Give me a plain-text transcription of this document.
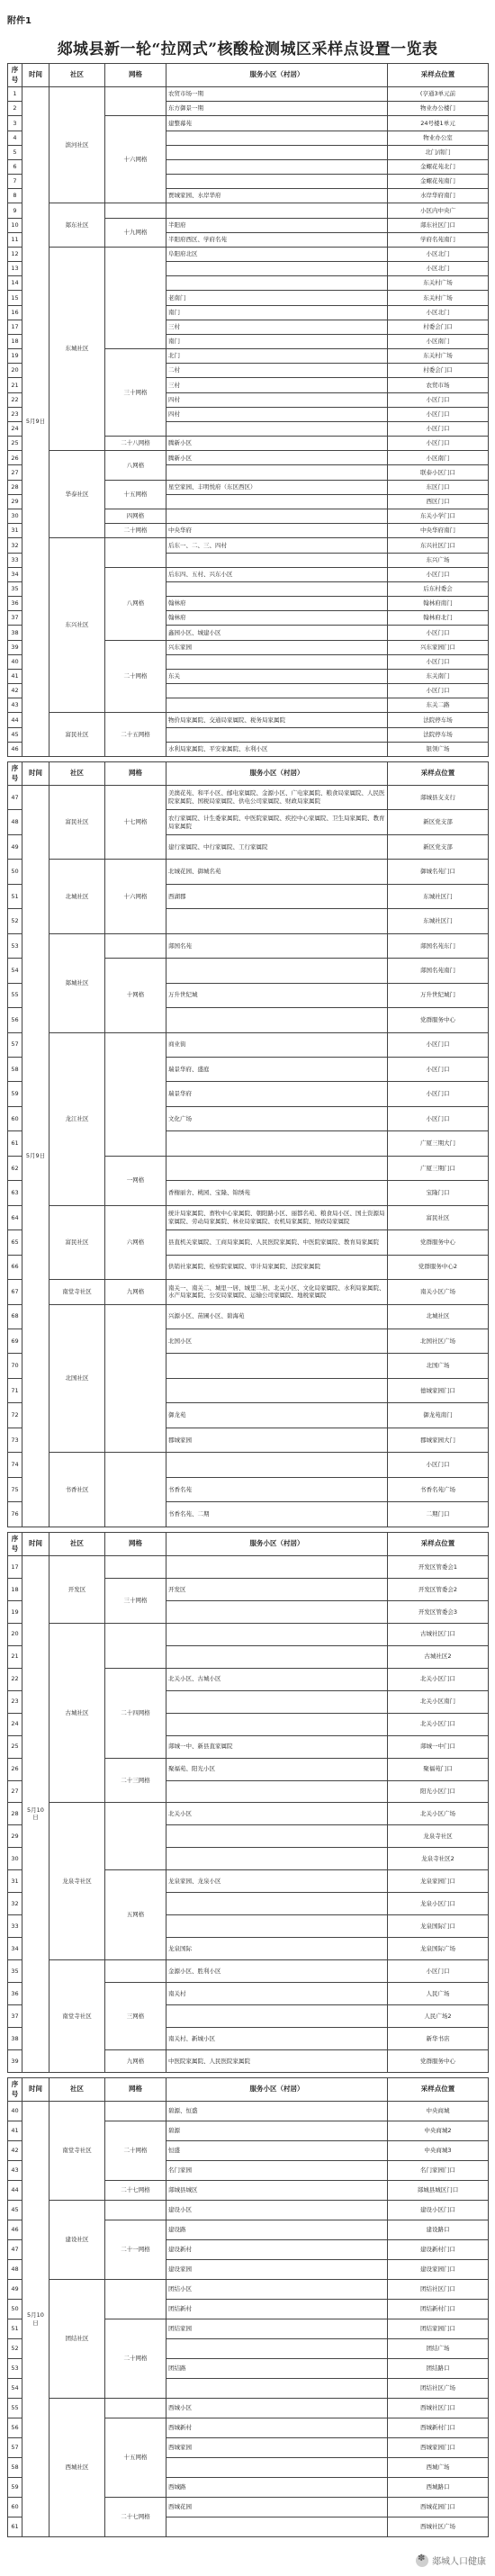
附件1
郯城县新一轮“拉网式”核酸检测城区采样点设置一览表
序号	时间	社区	网格	服务小区（村居）	采样点位置
1	5月9日	滨河社区		农贸市场一期	(亨通3单元前
2				东方御景一期	物业办公楼门
3			十六网格	建整幕苑	24号楼1单元
4					物业办公室
5					北门/南门
6					金螺花苑北门
7					金螺花苑南门
8				贾城家园、水岸华府	水岸华府南门
9		郯东社区			小区内中央广
10			十九网格	半阳府	郯东社区门口
11				半阳府西区、学府名苑	学府名苑南门
12		东城社区		阜阳府北区	小区北门
13					小区北门
14					东关村广场
15				老南门	东关村广场
16				南门	小区北门
17				三村	村委会门口
18				南门	小区南门
19			三十网格	北门	东关村广场
20				二村	村委会门口
21				三村	农贸市场
22				四村	小区门口
23				四村	小区门口
24					小区门口
25			二十八网格	腾新小区	小区门口
26		华泰社区	八网格	腾新小区	小区南门
27					联泰小区门口
28			十五网格	星空家园、丰明悦府（东区西区）	东区门口
29					西区门口
30			四网格		东关小学门口
31			二十网格	中央华府	中央华府南门
32		东兴社区		后东一、二、三、四村	东兴社区门口
33					东兴广场
34			八网格	后东四、五村、兴东小区	小区门口
35					后东村委会
36				翰林府	翰林府南门
37				翰林府	翰林府北门
38				鑫园小区、城建小区	小区门口
39			二十网格	兴东家园	兴东家园门口
40					小区门口
41				东关	东关南门
42					小区门口
43					东关二路
44		富民社区	二十五网格	物价局家属院、交通局家属院、税务局家属院	法院停车场
45					法院停车场
46				水利局家属院、平安家属院、水利小区	银领广场
序号	时间	社区	网格	服务小区（村居）	采样点位置
47	5月9日	富民社区	十七网格	美澳花苑、和平小区、邮电家属院、金源小区、广电家属院、粮食局家属院、人民医院家属院、国税局家属院、供电公司家属院、财政局家属院	郯城县支支行
48				农行家属院、计生委家属院、中医院家属院、疾控中心家属院、卫生局家属院、教育局家属院	新区党支部
49				建行家属院、中行家属院、工行家属院	新区党支部
50		北城社区	十六网格	北城花园、御城名苑	御城名苑门口
51				西湖郡	东城社区门
52					东城社区门
53		郯城社区		郯国名苑	郯国名苑东门
54			十网格		郯国名苑南门
55				万升世纪城	万升世纪城门
56					党群服务中心
57		龙江社区		商业街	小区门口
58				瑞景华府、盛庭	小区门口
59				瑞景华府	小区门口
60				文化广场	小区门口
61					广厦三期大门
62			一网格		广厦三期门口
63				香榭丽舍、桃园、宝隆、锦绣苑	宝隆门口
64		富民社区	六网格	统计局家属院、畜牧中心家属院、朝阳路小区、丽都名苑、粮食局小区、国土资源局家属院、劳动局家属院、林业局家属院、农机局家属院、财政局家属院	富民社区
65				县直机关家属院、工商局家属院、人民医院家属院、中医院家属院、教育局家属院	党群服务中心
66				供销社家属院、检察院家属院、审计局家属院、法院家属院	党群服务中心2
67		南堂寺社区	九网格	南关一、南关二、城里一居、城里二居、北关小区、文化局家属院、水利局家属院、水产局家属院、公安局家属院、运输公司家属院、地税家属院	南关小区广场
68		北国社区		兴源小区、苗圃小区、碧海苑	北城社区
69				北国小区	北国社区广场
70					北国广场
71					德城家园门口
72				御龙苑	御龙苑南门
73				郡城家园	郡城家园大门
74		书香社区			小区门口
75				书香名苑	书香名苑广场
76				书香名苑、二期	二期门口
序号	时间	社区	网格	服务小区（村居）	采样点位置
17	5月10日	开发区			开发区管委会1
18			三十网格	开发区	开发区管委会2
19					开发区管委会3
20		古城社区			古城社区门口
21					古城社区2
22			二十四网格	北关小区、古城小区	北关小区门口
23					北关小区南门
24					北关小区门口
25				郯城一中、新县直家属院	郯城一中门口
26			二十三网格	聚福苑、阳光小区	聚福苑门口
27					阳光小区门口
28		龙泉寺社区		北关小区	北关小区广场
29					龙泉寺社区
30					龙泉寺社区2
31			五网格	龙泉家园、龙泉小区	龙泉家园门口
32					龙泉小区门口
33					龙泉国际门口
34				龙泉国际	龙泉国际广场
35		南堂寺社区		金源小区、胜利小区	小区门口
36			三网格	南关村	人民广场
37					人民广场2
38				南关村、新城小区	新华书店
39			九网格	中医院家属院、人民医院家属院	党群服务中心
序号	时间	社区	网格	服务小区（村居）	采样点位置
40	5月10日	南堂寺社区		碧源、恒盛	中央商城
41			二十网格	碧源	中央商城2
42				恒盛	中央商城3
43				名门家园	名门家园门口
44			二十七网格	郯城县城区	郯城县城区门口
45		建设社区		建设小区	建设小区门口
46			二十一网格	建设路	建设路口
47				建设新村	建设新村门口
48				建设家园	建设家园门口
49		团结社区		团结小区	团结社区门口
50				团结新村	团结新村门口
51			二十网格	团结家园	团结家园门口
52					团结广场
53				团结路	团结路口
54					团结社区广场
55		西城社区		西城小区	西城社区门口
56			十五网格	西城新村	西城新村门口
57				西城家园	西城家园门口
58					西城广场
59				西城路	西城路口
60			二十七网格	西城花园	西城花园门口
61					西城社区广场
✽
郯城人口健康
